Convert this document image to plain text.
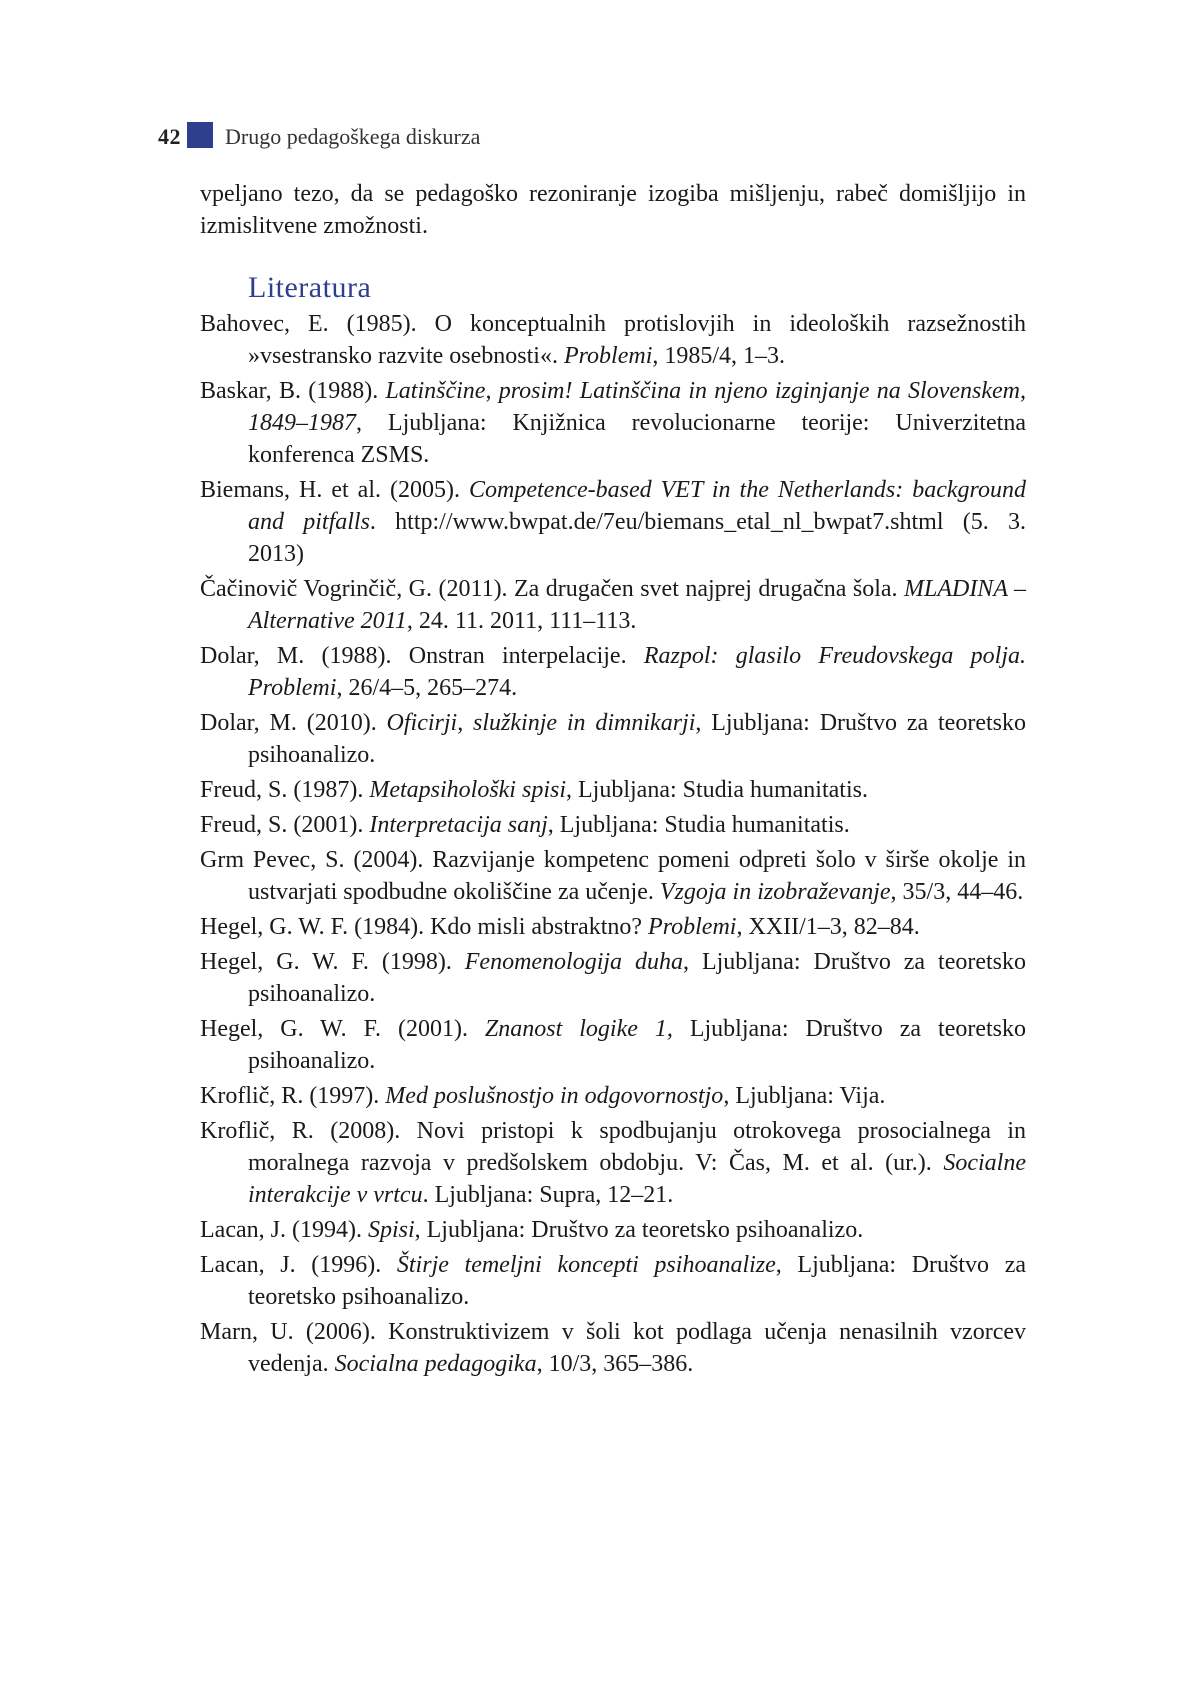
42 Drugo pedagoškega diskurza

vpeljano tezo, da se pedagoško rezoniranje izogiba mišljenju, rabeč domišljijo in izmislitvene zmožnosti.

Literatura
Bahovec, E. (1985). O konceptualnih protislovjih in ideoloških razsežnostih »vsestransko razvite osebnosti«. Problemi, 1985/4, 1–3.
Baskar, B. (1988). Latinščine, prosim! Latinščina in njeno izginjanje na Slovenskem, 1849–1987, Ljubljana: Knjižnica revolucionarne teorije: Univerzitetna konferenca ZSMS.
Biemans, H. et al. (2005). Competence-based VET in the Netherlands: background and pitfalls. http://www.bwpat.de/7eu/biemans_etal_nl_bwpat7.shtml (5. 3. 2013)
Čačinovič Vogrinčič, G. (2011). Za drugačen svet najprej drugačna šola. MLADINA – Alternative 2011, 24. 11. 2011, 111–113.
Dolar, M. (1988). Onstran interpelacije. Razpol: glasilo Freudovskega polja. Problemi, 26/4–5, 265–274.
Dolar, M. (2010). Oficirji, služkinje in dimnikarji, Ljubljana: Društvo za teoretsko psihoanalizo.
Freud, S. (1987). Metapsihološki spisi, Ljubljana: Studia humanitatis.
Freud, S. (2001). Interpretacija sanj, Ljubljana: Studia humanitatis.
Grm Pevec, S. (2004). Razvijanje kompetenc pomeni odpreti šolo v širše okolje in ustvarjati spodbudne okoliščine za učenje. Vzgoja in izobraževanje, 35/3, 44–46.
Hegel, G. W. F. (1984). Kdo misli abstraktno? Problemi, XXII/1–3, 82–84.
Hegel, G. W. F. (1998). Fenomenologija duha, Ljubljana: Društvo za teoretsko psihoanalizo.
Hegel, G. W. F. (2001). Znanost logike 1, Ljubljana: Društvo za teoretsko psihoanalizo.
Kroflič, R. (1997). Med poslušnostjo in odgovornostjo, Ljubljana: Vija.
Kroflič, R. (2008). Novi pristopi k spodbujanju otrokovega prosocialnega in moralnega razvoja v predšolskem obdobju. V: Čas, M. et al. (ur.). Socialne interakcije v vrtcu. Ljubljana: Supra, 12–21.
Lacan, J. (1994). Spisi, Ljubljana: Društvo za teoretsko psihoanalizo.
Lacan, J. (1996). Štirje temeljni koncepti psihoanalize, Ljubljana: Društvo za teoretsko psihoanalizo.
Marn, U. (2006). Konstruktivizem v šoli kot podlaga učenja nenasilnih vzorcev vedenja. Socialna pedagogika, 10/3, 365–386.
